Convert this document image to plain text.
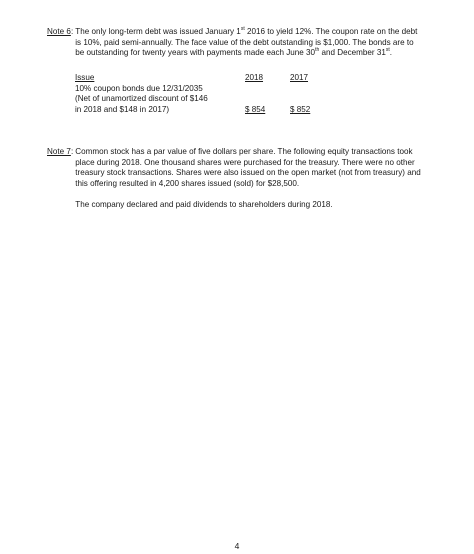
Note 6 : The only long-term debt was issued January 1st 2016 to yield 12%. The coupon rate on the debt
is 10%, paid semi-annually. The face value of the debt outstanding is $1,000. The bonds are to
be outstanding for twenty years with payments made each June 30th and December 31st.
Issue	2018	2017
10% coupon bonds due 12/31/2035
(Net of unamortized discount of $146
in 2018 and $148 in 2017)	$ 854	$ 852
Note 7 : Common stock has a par value of five dollars per share. The following equity transactions took
place during 2018. One thousand shares were purchased for the treasury. There were no other
treasury stock transactions. Shares were also issued on the open market (not from treasury) and
this offering resulted in 4,200 shares issued (sold) for $28,500.
The company declared and paid dividends to shareholders during 2018.
4
